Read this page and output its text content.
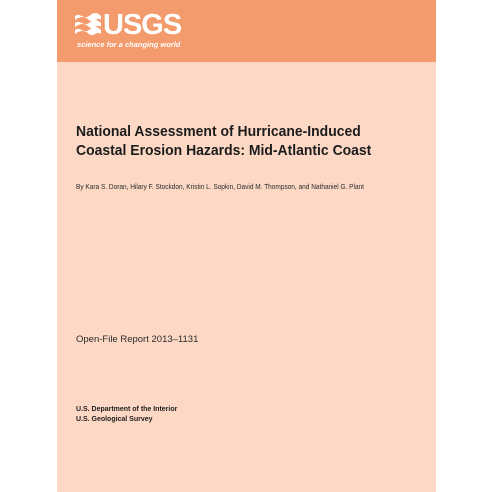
USGS
science for a changing world
National Assessment of Hurricane-Induced Coastal Erosion Hazards: Mid-Atlantic Coast

By Kara S. Doran, Hilary F. Stockdon, Kristin L. Sopkin, David M. Thompson, and Nathaniel G. Plant

Open-File Report 2013–1131

U.S. Department of the Interior
U.S. Geological Survey
